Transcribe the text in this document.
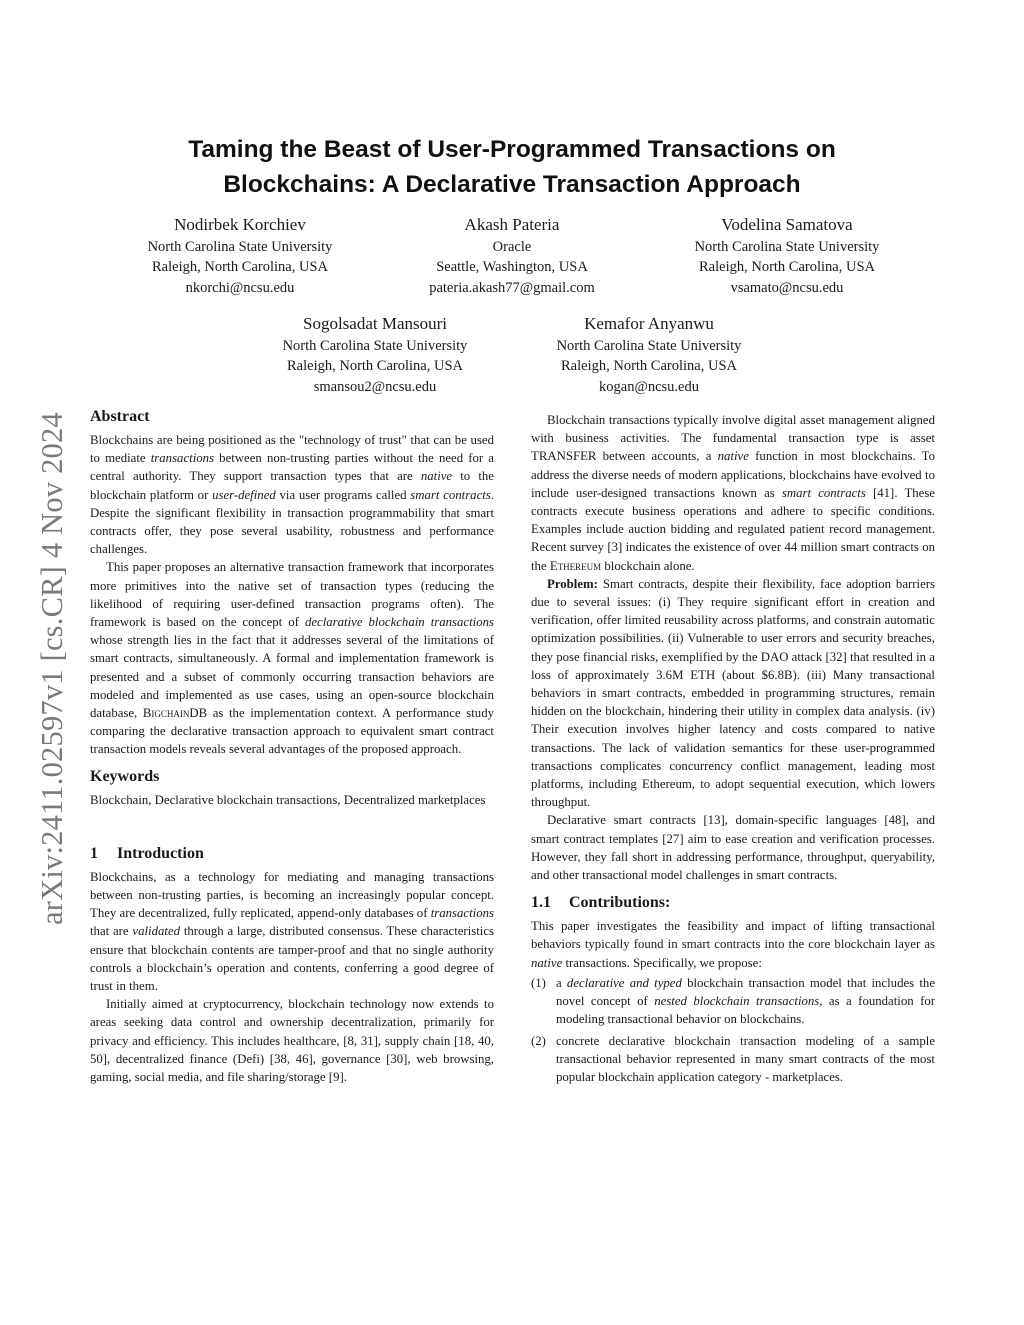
arXiv:2411.02597v1 [cs.CR] 4 Nov 2024
Taming the Beast of User-Programmed Transactions on
Blockchains: A Declarative Transaction Approach
Nodirbek Korchiev
North Carolina State University
Raleigh, North Carolina, USA
nkorchi@ncsu.edu
Akash Pateria
Oracle
Seattle, Washington, USA
pateria.akash77@gmail.com
Vodelina Samatova
North Carolina State University
Raleigh, North Carolina, USA
vsamato@ncsu.edu
Sogolsadat Mansouri
North Carolina State University
Raleigh, North Carolina, USA
smansou2@ncsu.edu
Kemafor Anyanwu
North Carolina State University
Raleigh, North Carolina, USA
kogan@ncsu.edu
Abstract

Blockchains are being positioned as the "technology of trust" that can be used to mediate transactions between non-trusting parties without the need for a central authority. They support transaction types that are native to the blockchain platform or user-defined via user programs called smart contracts. Despite the significant flexibility in transaction programmability that smart contracts offer, they pose several usability, robustness and performance challenges.

This paper proposes an alternative transaction framework that incorporates more primitives into the native set of transaction types (reducing the likelihood of requiring user-defined transaction programs often). The framework is based on the concept of declarative blockchain transactions whose strength lies in the fact that it addresses several of the limitations of smart contracts, simultaneously. A formal and implementation framework is presented and a subset of commonly occurring transaction behaviors are modeled and implemented as use cases, using an open-source blockchain database, BigchainDB as the implementation context. A performance study comparing the declarative transaction approach to equivalent smart contract transaction models reveals several advantages of the proposed approach.

Keywords

Blockchain, Declarative blockchain transactions, Decentralized marketplaces

1 Introduction

Blockchains, as a technology for mediating and managing transactions between non-trusting parties, is becoming an increasingly popular concept. They are decentralized, fully replicated, append-only databases of transactions that are validated through a large, distributed consensus. These characteristics ensure that blockchain contents are tamper-proof and that no single authority controls a blockchain’s operation and contents, conferring a good degree of trust in them.

Initially aimed at cryptocurrency, blockchain technology now extends to areas seeking data control and ownership decentralization, primarily for privacy and efficiency. This includes healthcare, [8, 31], supply chain [18, 40, 50], decentralized finance (Defi) [38, 46], governance [30], web browsing, gaming, social media, and file sharing/storage [9].

Blockchain transactions typically involve digital asset management aligned with business activities. The fundamental transaction type is asset TRANSFER between accounts, a native function in most blockchains. To address the diverse needs of modern applications, blockchains have evolved to include user-designed transactions known as smart contracts [41]. These contracts execute business operations and adhere to specific conditions. Examples include auction bidding and regulated patient record management. Recent survey [3] indicates the existence of over 44 million smart contracts on the Ethereum blockchain alone.

Problem: Smart contracts, despite their flexibility, face adoption barriers due to several issues: (i) They require significant effort in creation and verification, offer limited reusability across platforms, and constrain automatic optimization possibilities. (ii) Vulnerable to user errors and security breaches, they pose financial risks, exemplified by the DAO attack [32] that resulted in a loss of approximately 3.6M ETH (about $6.8B). (iii) Many transactional behaviors in smart contracts, embedded in programming structures, remain hidden on the blockchain, hindering their utility in complex data analysis. (iv) Their execution involves higher latency and costs compared to native transactions. The lack of validation semantics for these user-programmed transactions complicates concurrency conflict management, leading most platforms, including Ethereum, to adopt sequential execution, which lowers throughput.

Declarative smart contracts [13], domain-specific languages [48], and smart contract templates [27] aim to ease creation and verification processes. However, they fall short in addressing performance, throughput, queryability, and other transactional model challenges in smart contracts.

1.1 Contributions:

This paper investigates the feasibility and impact of lifting transactional behaviors typically found in smart contracts into the core blockchain layer as native transactions. Specifically, we propose:

(1) a declarative and typed blockchain transaction model that includes the novel concept of nested blockchain transactions, as a foundation for modeling transactional behavior on blockchains.
(2) concrete declarative blockchain transaction modeling of a sample transactional behavior represented in many smart contracts of the most popular blockchain application category - marketplaces.
